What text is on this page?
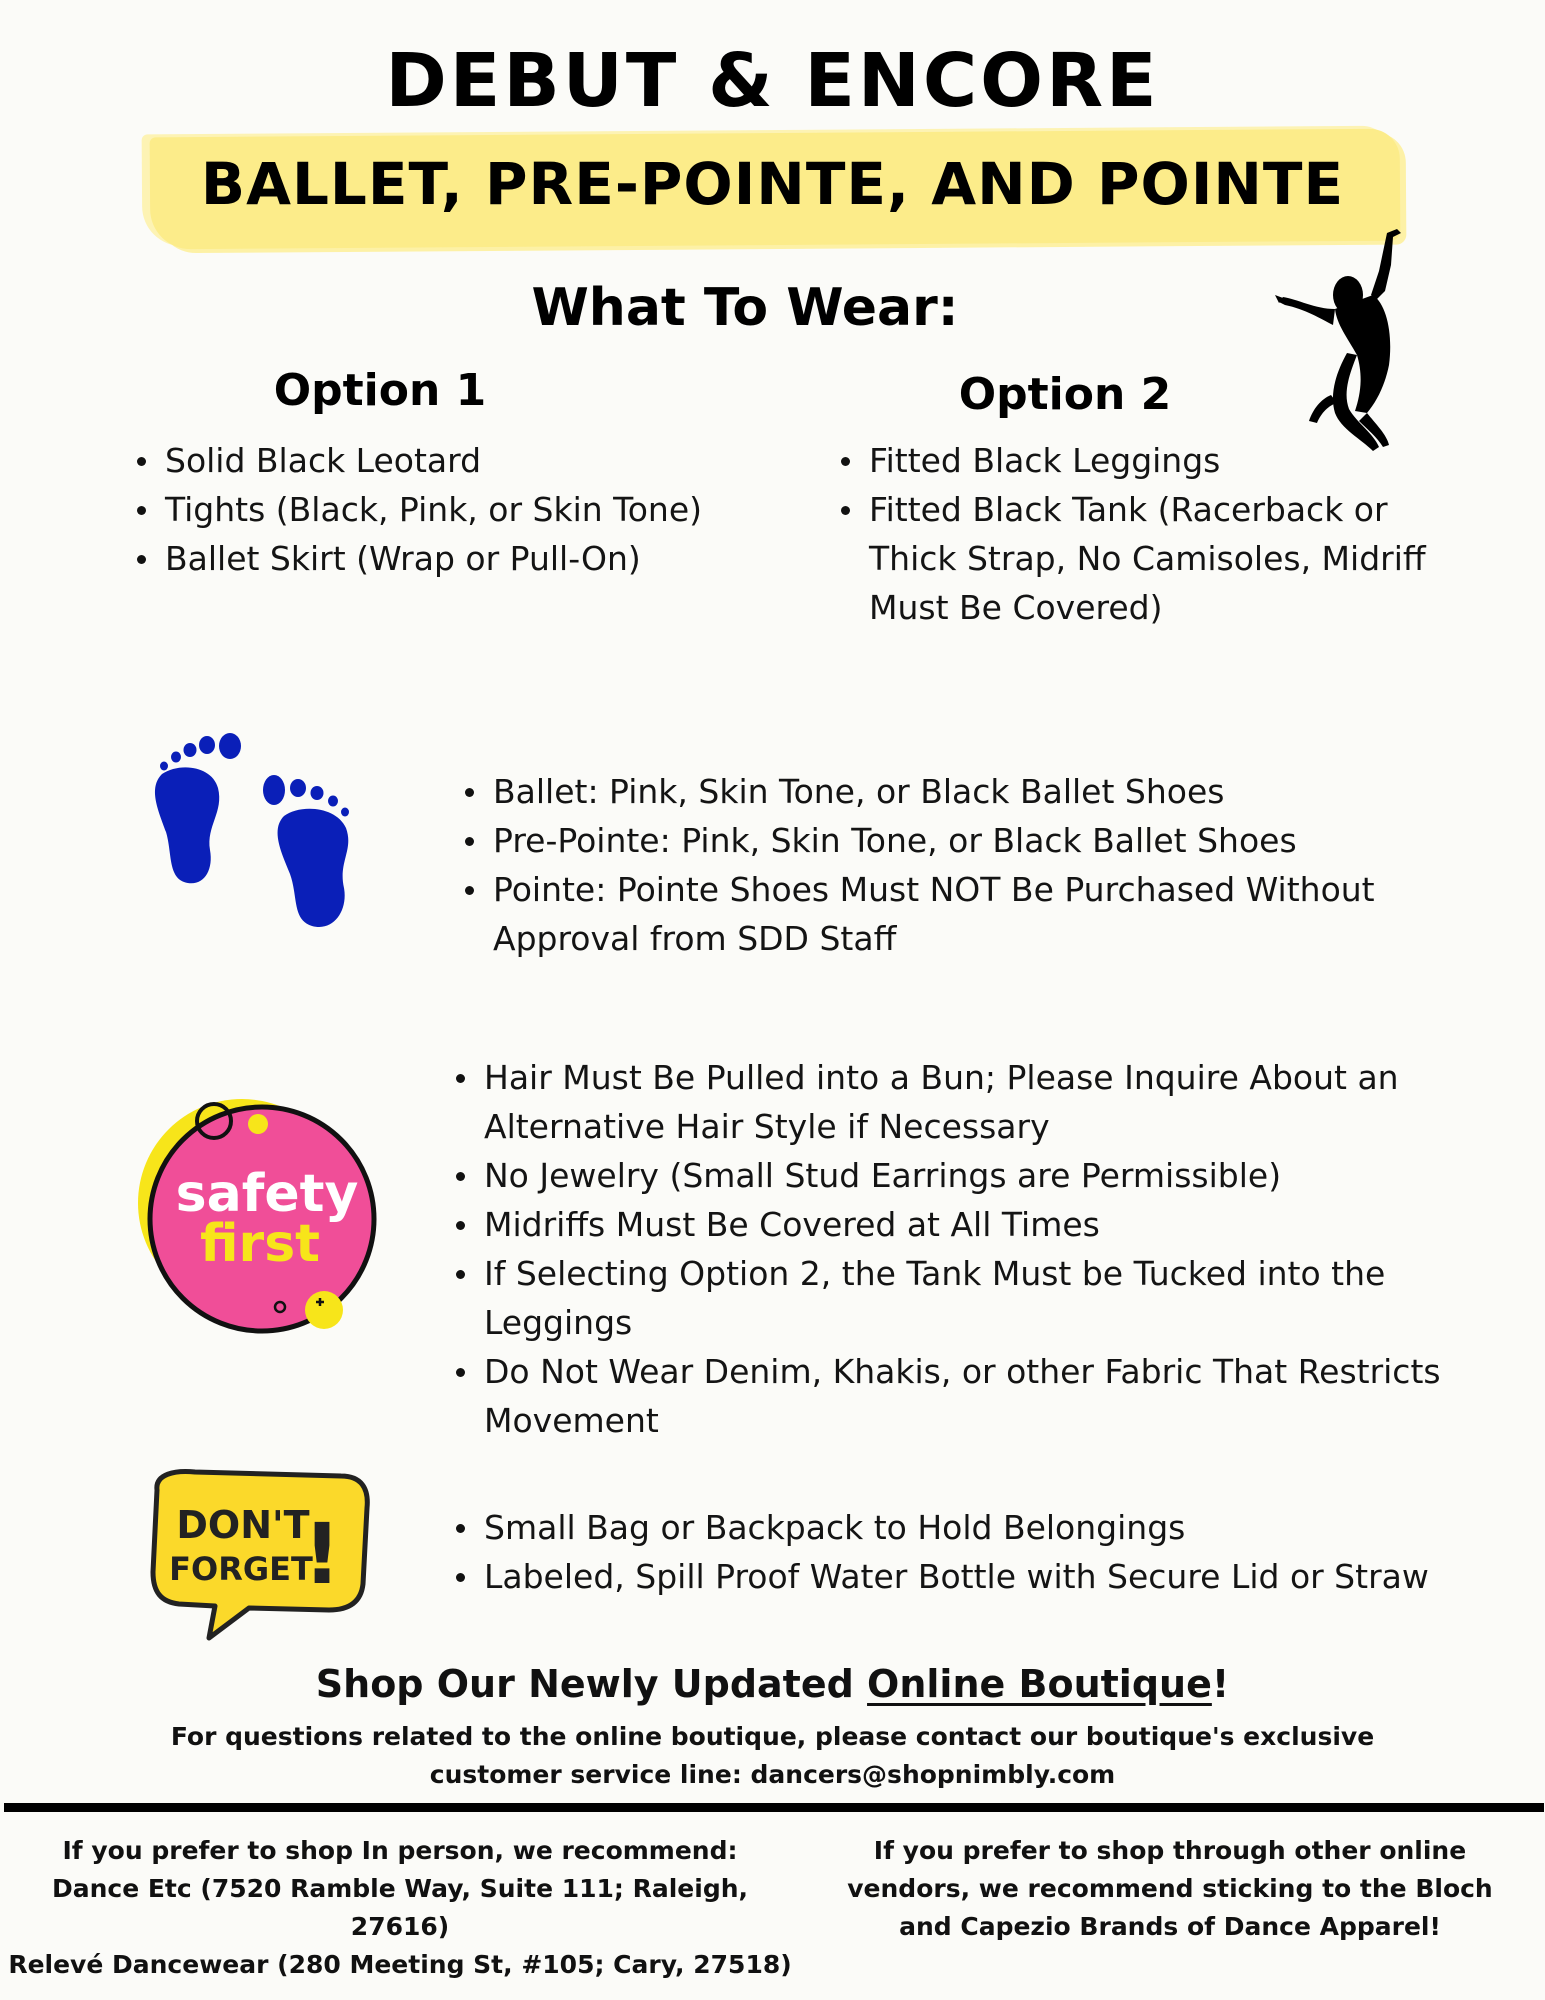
DEBUT & ENCORE
BALLET, PRE-POINTE, AND POINTE
What To Wear:
Option 1
Solid Black Leotard
Tights (Black, Pink, or Skin Tone)
Ballet Skirt (Wrap or Pull-On)
Option 2
Fitted Black Leggings
Fitted Black Tank (Racerback or Thick Strap, No Camisoles, Midriff Must Be Covered)
Ballet: Pink, Skin Tone, or Black Ballet Shoes
Pre-Pointe: Pink, Skin Tone, or Black Ballet Shoes
Pointe: Pointe Shoes Must NOT Be Purchased Without Approval from SDD Staff
safety
first
Hair Must Be Pulled into a Bun; Please Inquire About an Alternative Hair Style if Necessary
No Jewelry (Small Stud Earrings are Permissible)
Midriffs Must Be Covered at All Times
If Selecting Option 2, the Tank Must be Tucked into the Leggings
Do Not Wear Denim, Khakis, or other Fabric That Restricts Movement
DON'T
FORGET
!	Small Bag or Backpack to Hold Belongings
Labeled, Spill Proof Water Bottle with Secure Lid or Straw
Shop Our Newly Updated Online Boutique!
For questions related to the online boutique, please contact our boutique's exclusive
customer service line: dancers@shopnimbly.com
If you prefer to shop In person, we recommend:
Dance Etc (7520 Ramble Way, Suite 111; Raleigh, 27616)
Relevé Dancewear (280 Meeting St, #105; Cary, 27518)
If you prefer to shop through other online
vendors, we recommend sticking to the Bloch
and Capezio Brands of Dance Apparel!
